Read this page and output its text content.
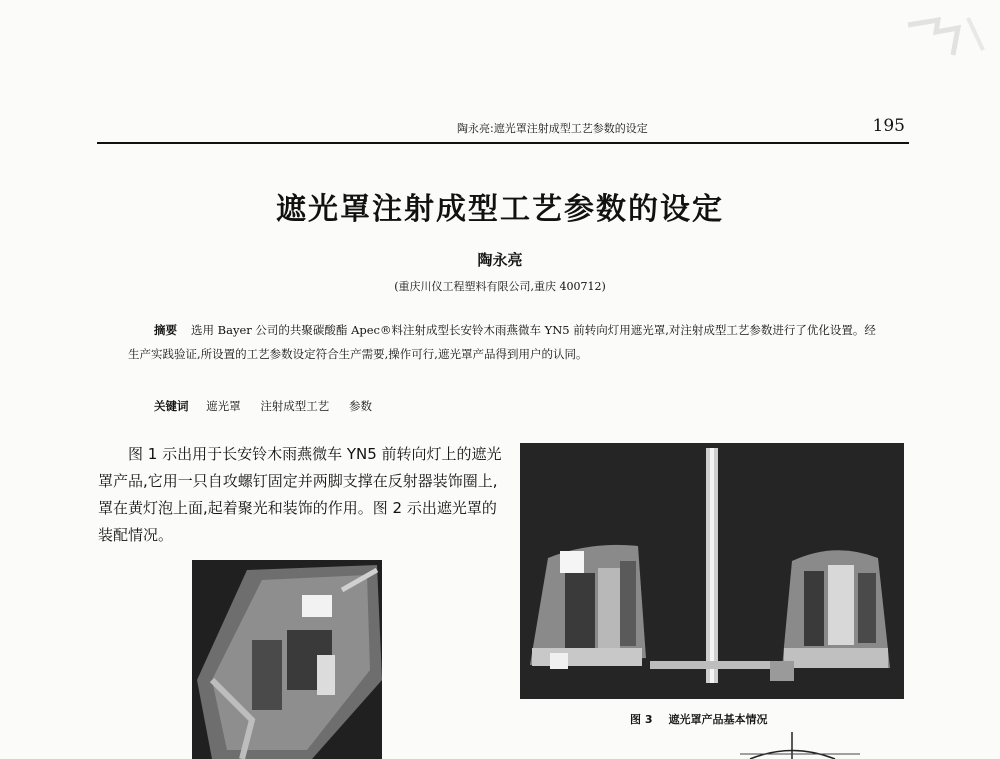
陶永亮:遮光罩注射成型工艺参数的设定	195
遮光罩注射成型工艺参数的设定
陶永亮
(重庆川仪工程塑料有限公司,重庆 400712)
摘要 选用 Bayer 公司的共聚碳酸酯 Apec®料注射成型长安铃木雨燕微车 YN5 前转向灯用遮光罩,对注射成型工艺参数进行了优化设置。经生产实践验证,所设置的工艺参数设定符合生产需要,操作可行,遮光罩产品得到用户的认同。
关键词 遮光罩 注射成型工艺 参数
图 1 示出用于长安铃木雨燕微车 YN5 前转向灯上的遮光罩产品,它用一只自攻螺钉固定并两脚支撑在反射器装饰圈上,罩在黄灯泡上面,起着聚光和装饰的作用。图 2 示出遮光罩的装配情况。
图 3 遮光罩产品基本情况
